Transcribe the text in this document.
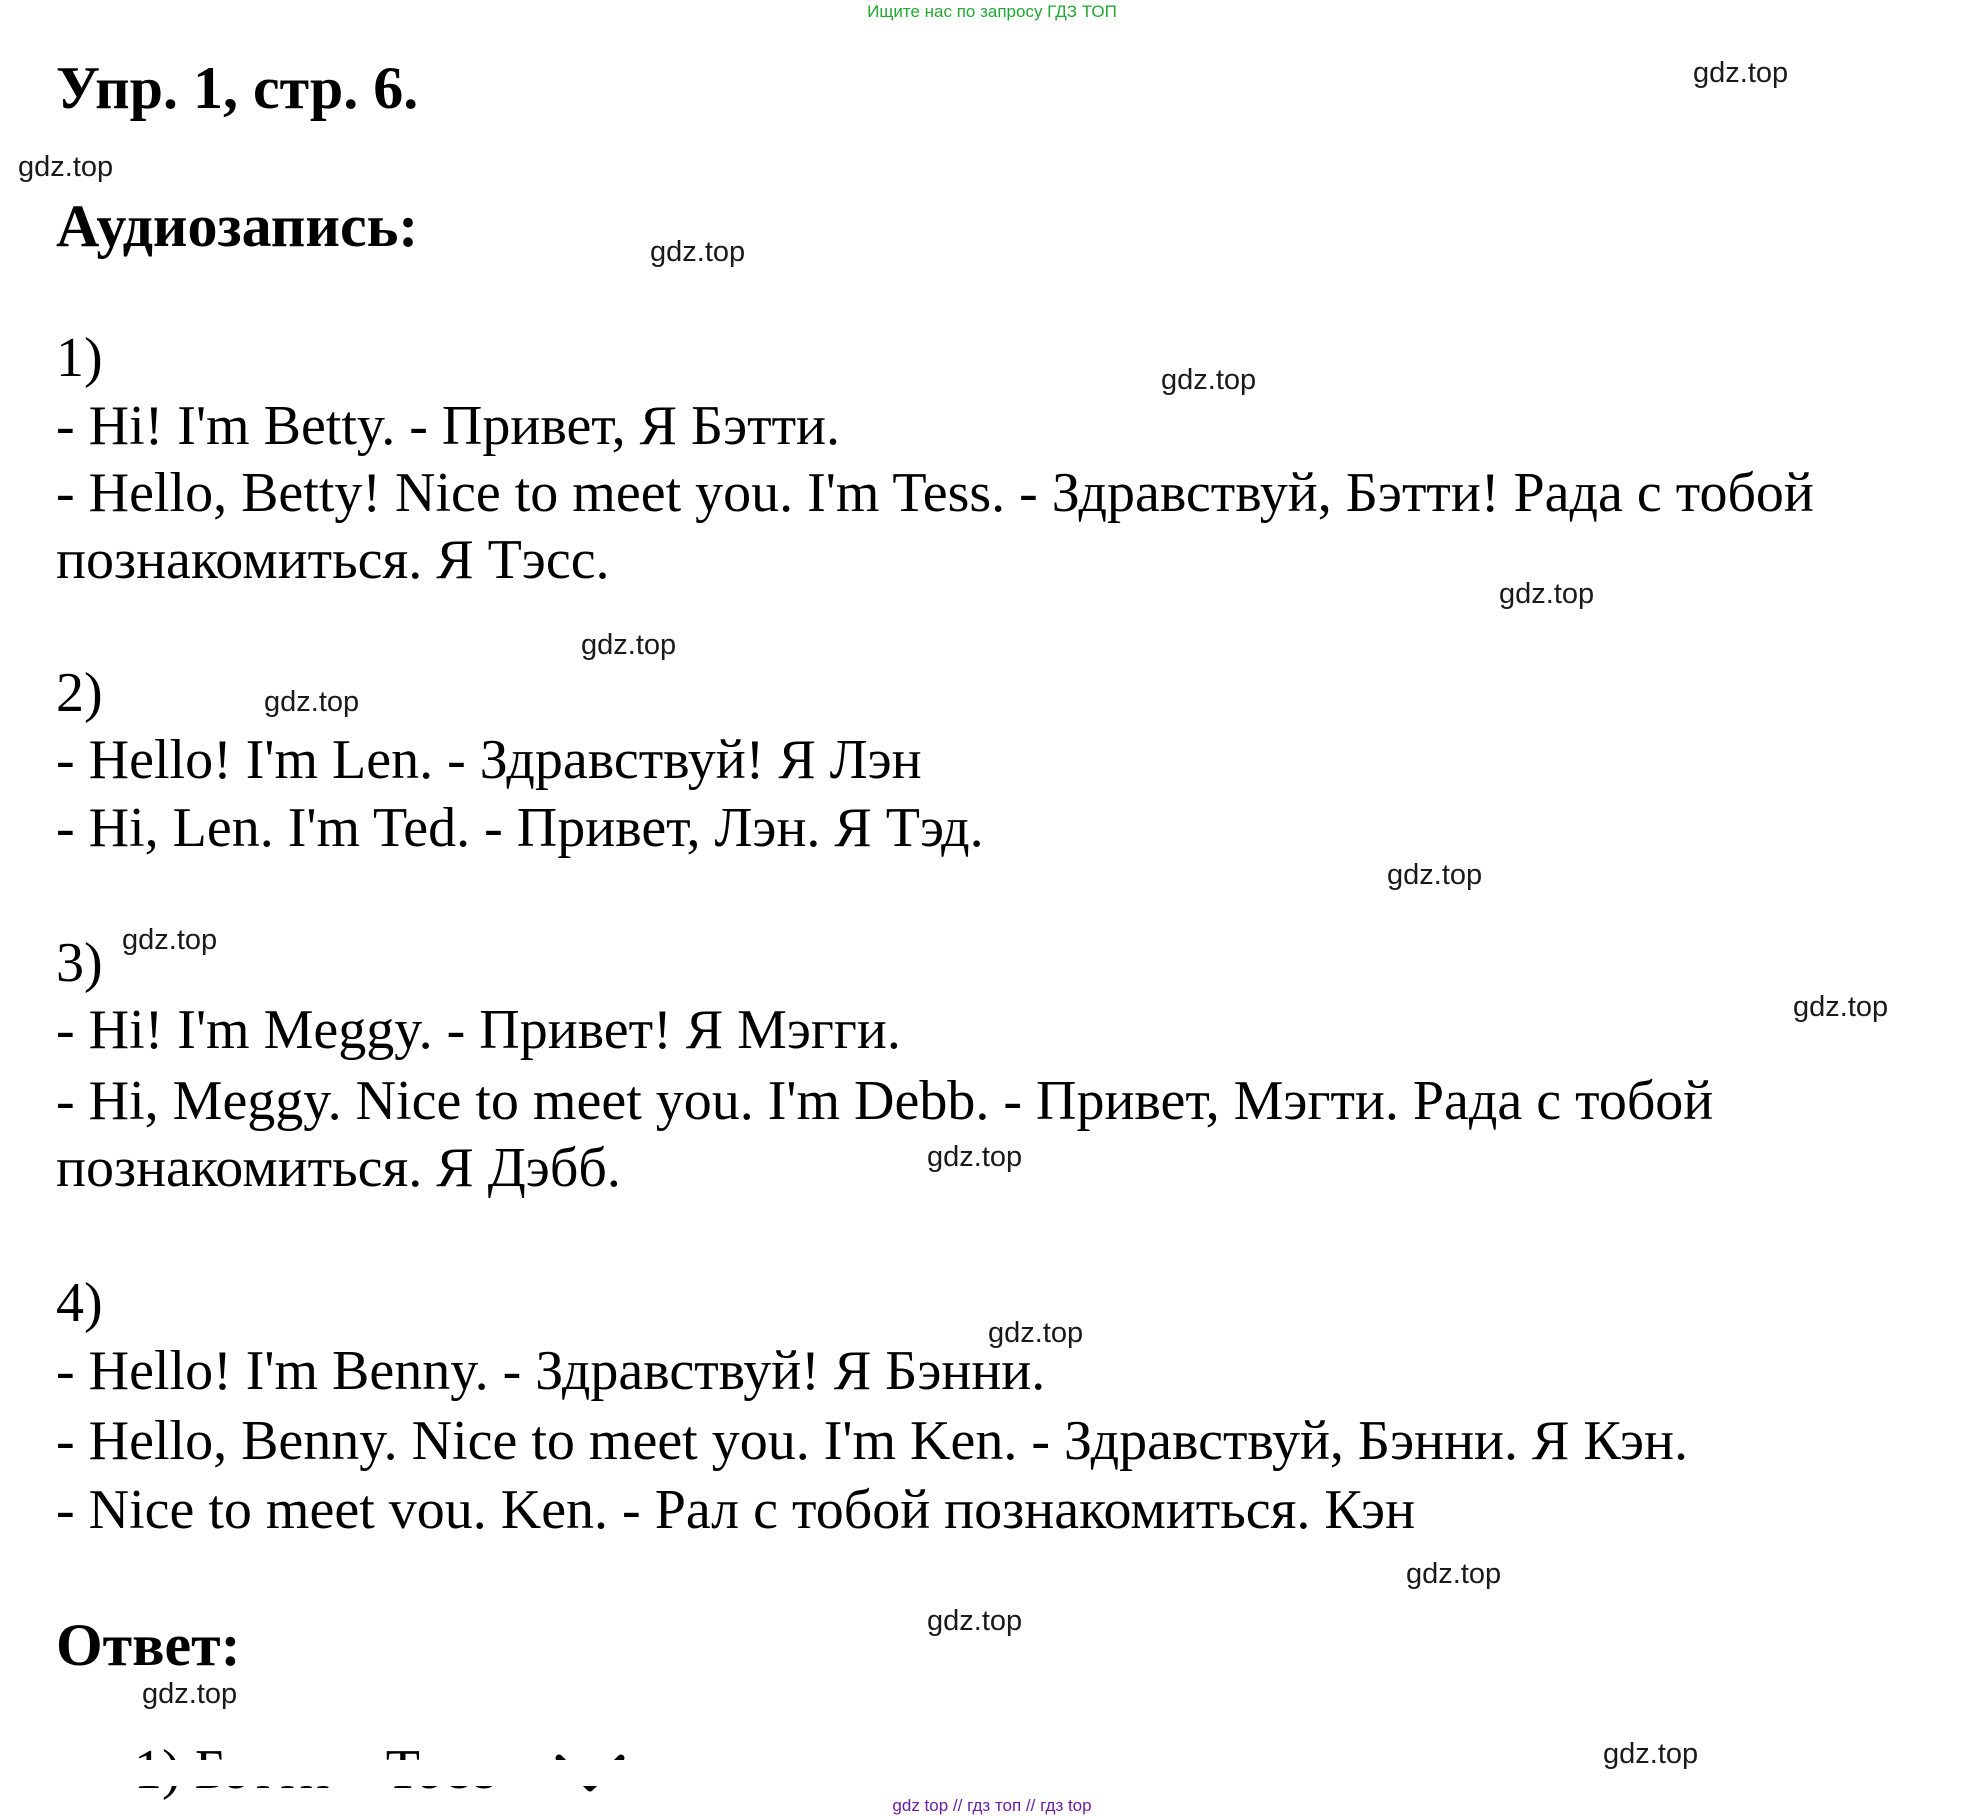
Ищите нас по запросу ГДЗ ТОП
Упр. 1, стр. 6.
Аудиозапись:
1)
- Hi! I'm Betty. - Привет, Я Бэтти.
- Hello, Betty! Nice to meet you. I'm Tess. - Здравствуй, Бэтти! Рада с тобой
познакомиться. Я Тэсс.
2)
- Hello! I'm Len. - Здравствуй! Я Лэн
- Hi, Len. I'm Ted. - Привет, Лэн. Я Тэд.
3)
- Hi! I'm Meggy. - Привет! Я Мэгги.
- Hi, Meggy. Nice to meet you. I'm Debb. - Привет, Мэгти. Рада с тобой
познакомиться. Я Дэбб.
4)
- Hello! I'm Benny. - Здравствуй! Я Бэнни.
- Hello, Benny. Nice to meet you. I'm Ken. - Здравствуй, Бэнни. Я Кэн.
- Nice to meet vou. Ken. - Рал с тобой познакомиться. Кэн
Ответ:
gdz.top
gdz.top
gdz.top
gdz.top
gdz.top
gdz.top
gdz.top
gdz.top
gdz.top
gdz.top
gdz.top
gdz.top
gdz.top
gdz.top
gdz.top
gdz.top
gdz top // гдз топ // гдз top
